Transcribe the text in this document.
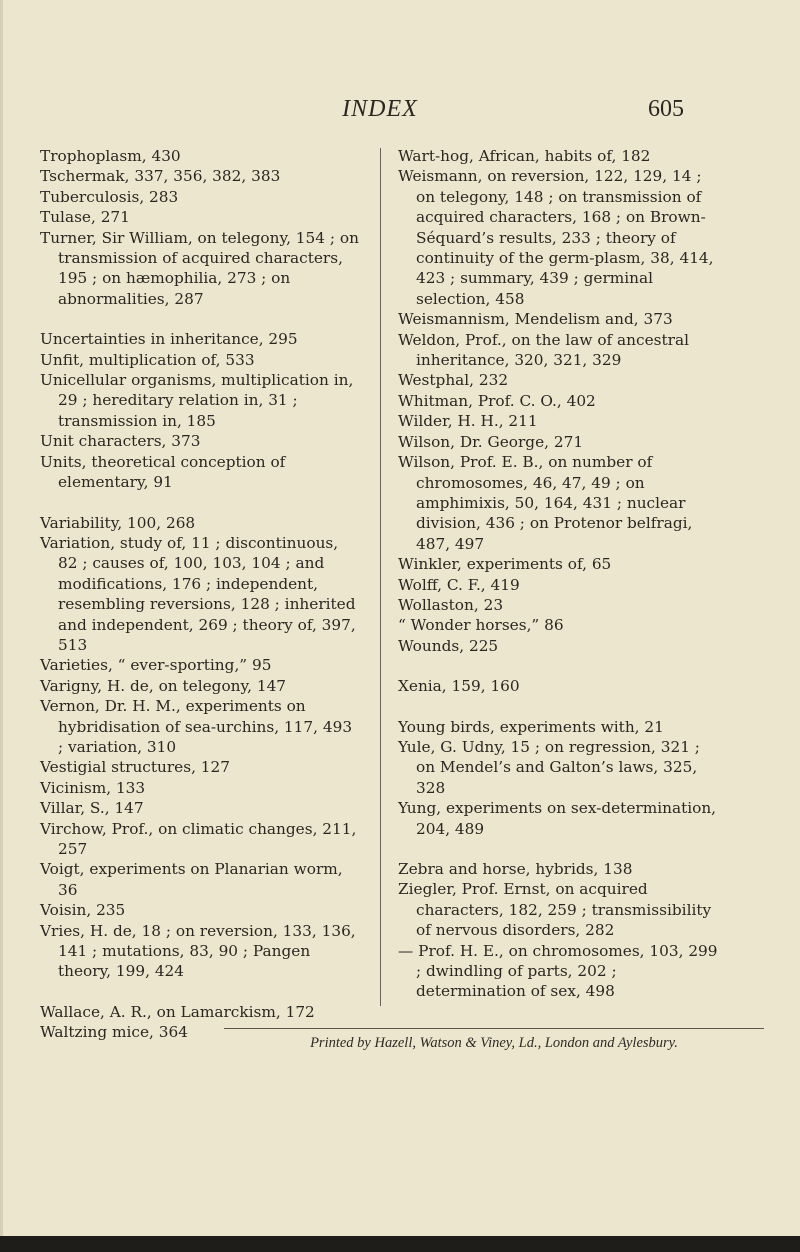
INDEX	605

Trophoplasm, 430

Tschermak, 337, 356, 382, 383

Tuberculosis, 283

Tulase, 271

Turner, Sir William, on telegony, 154 ; on transmission of acquired characters, 195 ; on hæmophilia, 273 ; on abnormalities, 287

Uncertainties in inheritance, 295

Unfit, multiplication of, 533

Unicellular organisms, multiplication in, 29 ; hereditary relation in, 31 ; transmission in, 185

Unit characters, 373

Units, theoretical conception of elementary, 91

Variability, 100, 268

Variation, study of, 11 ; discontinuous, 82 ; causes of, 100, 103, 104 ; and modifications, 176 ; independent, resembling reversions, 128 ; inherited and independent, 269 ; theory of, 397, 513

Varieties, “ ever-sporting,” 95

Varigny, H. de, on telegony, 147

Vernon, Dr. H. M., experiments on hybridisation of sea-urchins, 117, 493 ; variation, 310

Vestigial structures, 127

Vicinism, 133

Villar, S., 147

Virchow, Prof., on climatic changes, 211, 257

Voigt, experiments on Planarian worm, 36

Voisin, 235

Vries, H. de, 18 ; on reversion, 133, 136, 141 ; mutations, 83, 90 ; Pangen theory, 199, 424

Wallace, A. R., on Lamarckism, 172

Waltzing mice, 364

Wart-hog, African, habits of, 182

Weismann, on reversion, 122, 129, 14 ; on telegony, 148 ; on transmission of acquired characters, 168 ; on Brown-Séquard’s results, 233 ; theory of continuity of the germ-plasm, 38, 414, 423 ; summary, 439 ; germinal selection, 458

Weismannism, Mendelism and, 373

Weldon, Prof., on the law of ancestral inheritance, 320, 321, 329

Westphal, 232

Whitman, Prof. C. O., 402

Wilder, H. H., 211

Wilson, Dr. George, 271

Wilson, Prof. E. B., on number of chromosomes, 46, 47, 49 ; on amphimixis, 50, 164, 431 ; nuclear division, 436 ; on Protenor belfragi, 487, 497

Winkler, experiments of, 65

Wolff, C. F., 419

Wollaston, 23

“ Wonder horses,” 86

Wounds, 225

Xenia, 159, 160

Young birds, experiments with, 21

Yule, G. Udny, 15 ; on regression, 321 ; on Mendel’s and Galton’s laws, 325, 328

Yung, experiments on sex-determination, 204, 489

Zebra and horse, hybrids, 138

Ziegler, Prof. Ernst, on acquired characters, 182, 259 ; transmissibility of nervous disorders, 282

— Prof. H. E., on chromosomes, 103, 299 ; dwindling of parts, 202 ; determination of sex, 498

Printed by Hazell, Watson & Viney, Ld., London and Aylesbury.
